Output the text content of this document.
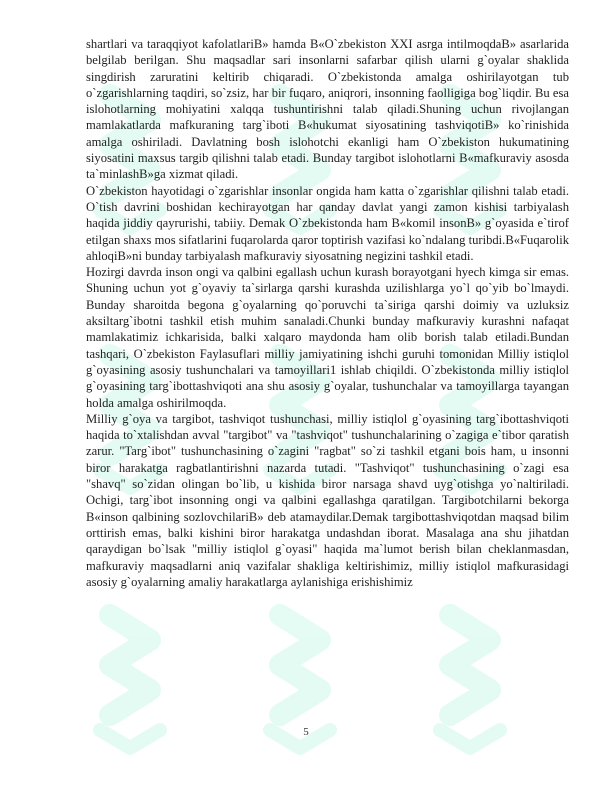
shartlari va taraqqiyot kafolatlariB» hamda B«O`zbekiston XXI asrga intilmoqdaB» asarlarida belgilab berilgan. Shu maqsadlar sari insonlarni safarbar qilish ularni g`oyalar shaklida singdirish zaruratini keltirib chiqaradi. O`zbekistonda amalga oshirilayotgan tub o`zgarishlarning taqdiri, so`zsiz, har bir fuqaro, aniqrori, insonning faolligiga bog`liqdir. Bu esa islohotlarning mohiyatini xalqqa tushuntirishni talab qiladi.Shuning uchun rivojlangan mamlakatlarda mafkuraning targ`iboti B«hukumat siyosatining tashviqotiB» ko`rinishida amalga oshiriladi. Davlatning bosh islohotchi ekanligi ham O`zbekiston hukumatining siyosatini maxsus targib qilishni talab etadi. Bunday targibot islohotlarni B«mafkuraviy asosda ta`minlashB»ga xizmat qiladi.

O`zbekiston hayotidagi o`zgarishlar insonlar ongida ham katta o`zgarishlar qilishni talab etadi. O`tish davrini boshidan kechirayotgan har qanday davlat yangi zamon kishisi tarbiyalash haqida jiddiy qayrurishi, tabiiy. Demak O`zbekistonda ham B«komil insonB» g`oyasida e`tirof etilgan shaxs mos sifatlarini fuqarolarda qaror toptirish vazifasi ko`ndalang turibdi.B«Fuqarolik ahloqiB»ni bunday tarbiyalash mafkuraviy siyosatning negizini tashkil etadi.

Hozirgi davrda inson ongi va qalbini egallash uchun kurash borayotgani hyech kimga sir emas. Shuning uchun yot g`oyaviy ta`sirlarga qarshi kurashda uzilishlarga yo`l qo`yib bo`lmaydi. Bunday sharoitda begona g`oyalarning qo`poruvchi ta`siriga qarshi doimiy va uzluksiz aksiltarg`ibotni tashkil etish muhim sanaladi.Chunki bunday mafkuraviy kurashni nafaqat mamlakatimiz ichkarisida, balki xalqaro maydonda ham olib borish talab etiladi.Bundan tashqari, O`zbekiston Faylasuflari milliy jamiyatining ishchi guruhi tomonidan Milliy istiqlol g`oyasining asosiy tushunchalari va tamoyillari1 ishlab chiqildi. O`zbekistonda milliy istiqlol g`oyasining targ`ibottashviqoti ana shu asosiy g`oyalar, tushunchalar va tamoyillarga tayangan holda amalga oshirilmoqda.

Milliy g`oya va targibot, tashviqot tushunchasi, milliy istiqlol g`oyasining targ`ibottashviqoti haqida to`xtalishdan avval "targibot" va "tashviqot" tushunchalarining o`zagiga e`tibor qaratish zarur. "Targ`ibot" tushunchasining o`zagini "ragbat" so`zi tashkil etgani bois ham, u insonni biror harakatga ragbatlantirishni nazarda tutadi. "Tashviqot" tushunchasining o`zagi esa "shavq" so`zidan olingan bo`lib, u kishida biror narsaga shavd uyg`otishga yo`naltiriladi. Ochigi, targ`ibot insonning ongi va qalbini egallashga qaratilgan. Targibotchilarni bekorga B«inson qalbining sozlovchilariB» deb atamaydilar.Demak targibottashviqotdan maqsad bilim orttirish emas, balki kishini biror harakatga undashdan iborat. Masalaga ana shu jihatdan qaraydigan bo`lsak "milliy istiqlol g`oyasi" haqida ma`lumot berish bilan cheklanmasdan, mafkuraviy maqsadlarni aniq vazifalar shakliga keltirishimiz, milliy istiqlol mafkurasidagi asosiy g`oyalarning amaliy harakatlarga aylanishiga erishishimiz

5
